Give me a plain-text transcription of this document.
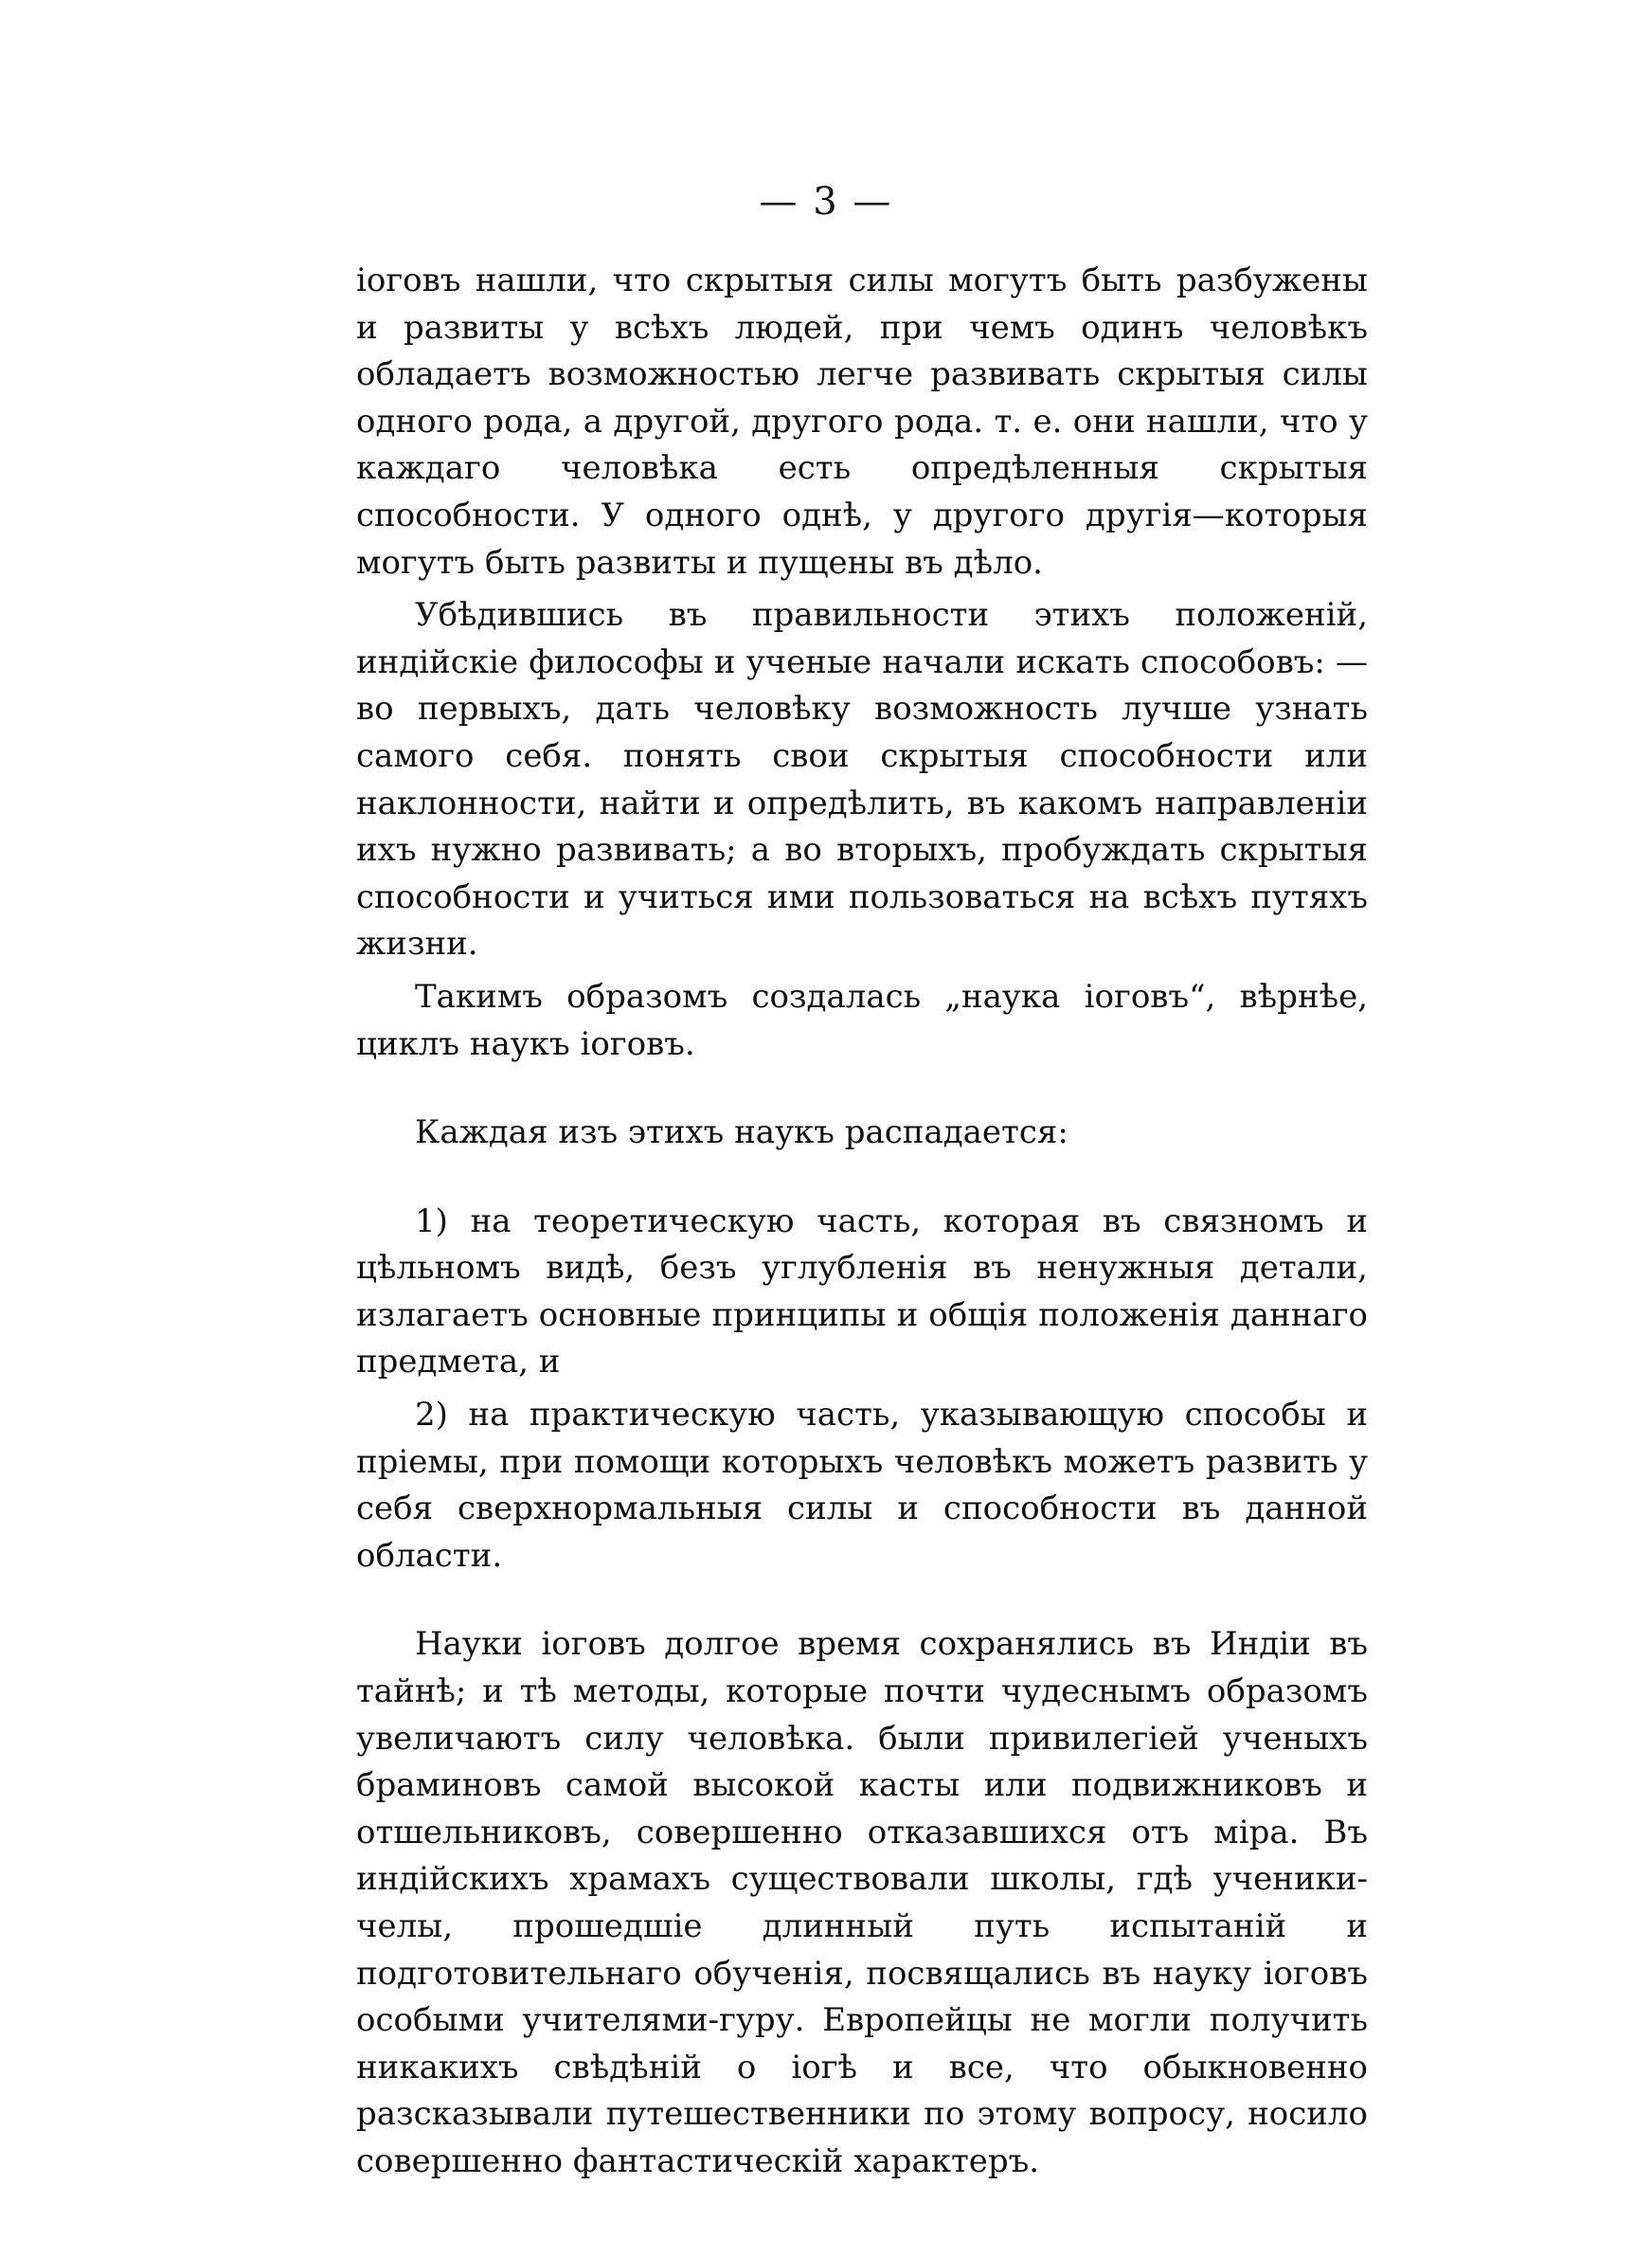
— 3 —

іоговъ нашли, что скрытыя силы могутъ быть разбужены и развиты у всѣхъ людей, при чемъ одинъ человѣкъ обладаетъ возможностью легче развивать скрытыя силы одного рода, а другой, другого рода. т. е. они нашли, что у каждаго человѣка есть опредѣленныя скрытыя способности. У одного однѣ, у другого другія—которыя могутъ быть развиты и пущены въ дѣло.

Убѣдившись въ правильности этихъ положеній, индійскіе философы и ученые начали искать способовъ: — во первыхъ, дать человѣку возможность лучше узнать самого себя. понять свои скрытыя способности или наклонности, найти и опредѣлить, въ какомъ направленіи ихъ нужно развивать; а во вторыхъ, пробуждать скрытыя способности и учиться ими пользоваться на всѣхъ путяхъ жизни.

Такимъ образомъ создалась „наука іоговъ“, вѣрнѣе, циклъ наукъ іоговъ.

Каждая изъ этихъ наукъ распадается:

1) на теоретическую часть, которая въ связномъ и цѣльномъ видѣ, безъ углубленія въ ненужныя детали, излагаетъ основные принципы и общія положенія даннаго предмета, и

2) на практическую часть, указывающую способы и пріемы, при помощи которыхъ человѣкъ можетъ развить у себя сверхнормальныя силы и способности въ данной области.

Науки іоговъ долгое время сохранялись въ Индіи въ тайнѣ; и тѣ методы, которые почти чудеснымъ образомъ увеличаютъ силу человѣка. были привилегіей ученыхъ браминовъ самой высокой касты или подвижниковъ и отшельниковъ, совершенно отказавшихся отъ міра. Въ индійскихъ храмахъ существовали школы, гдѣ ученики-челы, прошедшіе длинный путь испытаній и подготовительнаго обученія, посвящались въ науку іоговъ особыми учителями-гуру. Европейцы не могли получить никакихъ свѣдѣній о іогѣ и все, что обыкновенно разсказывали путешественники по этому вопросу, носило совершенно фантастическій характеръ.
